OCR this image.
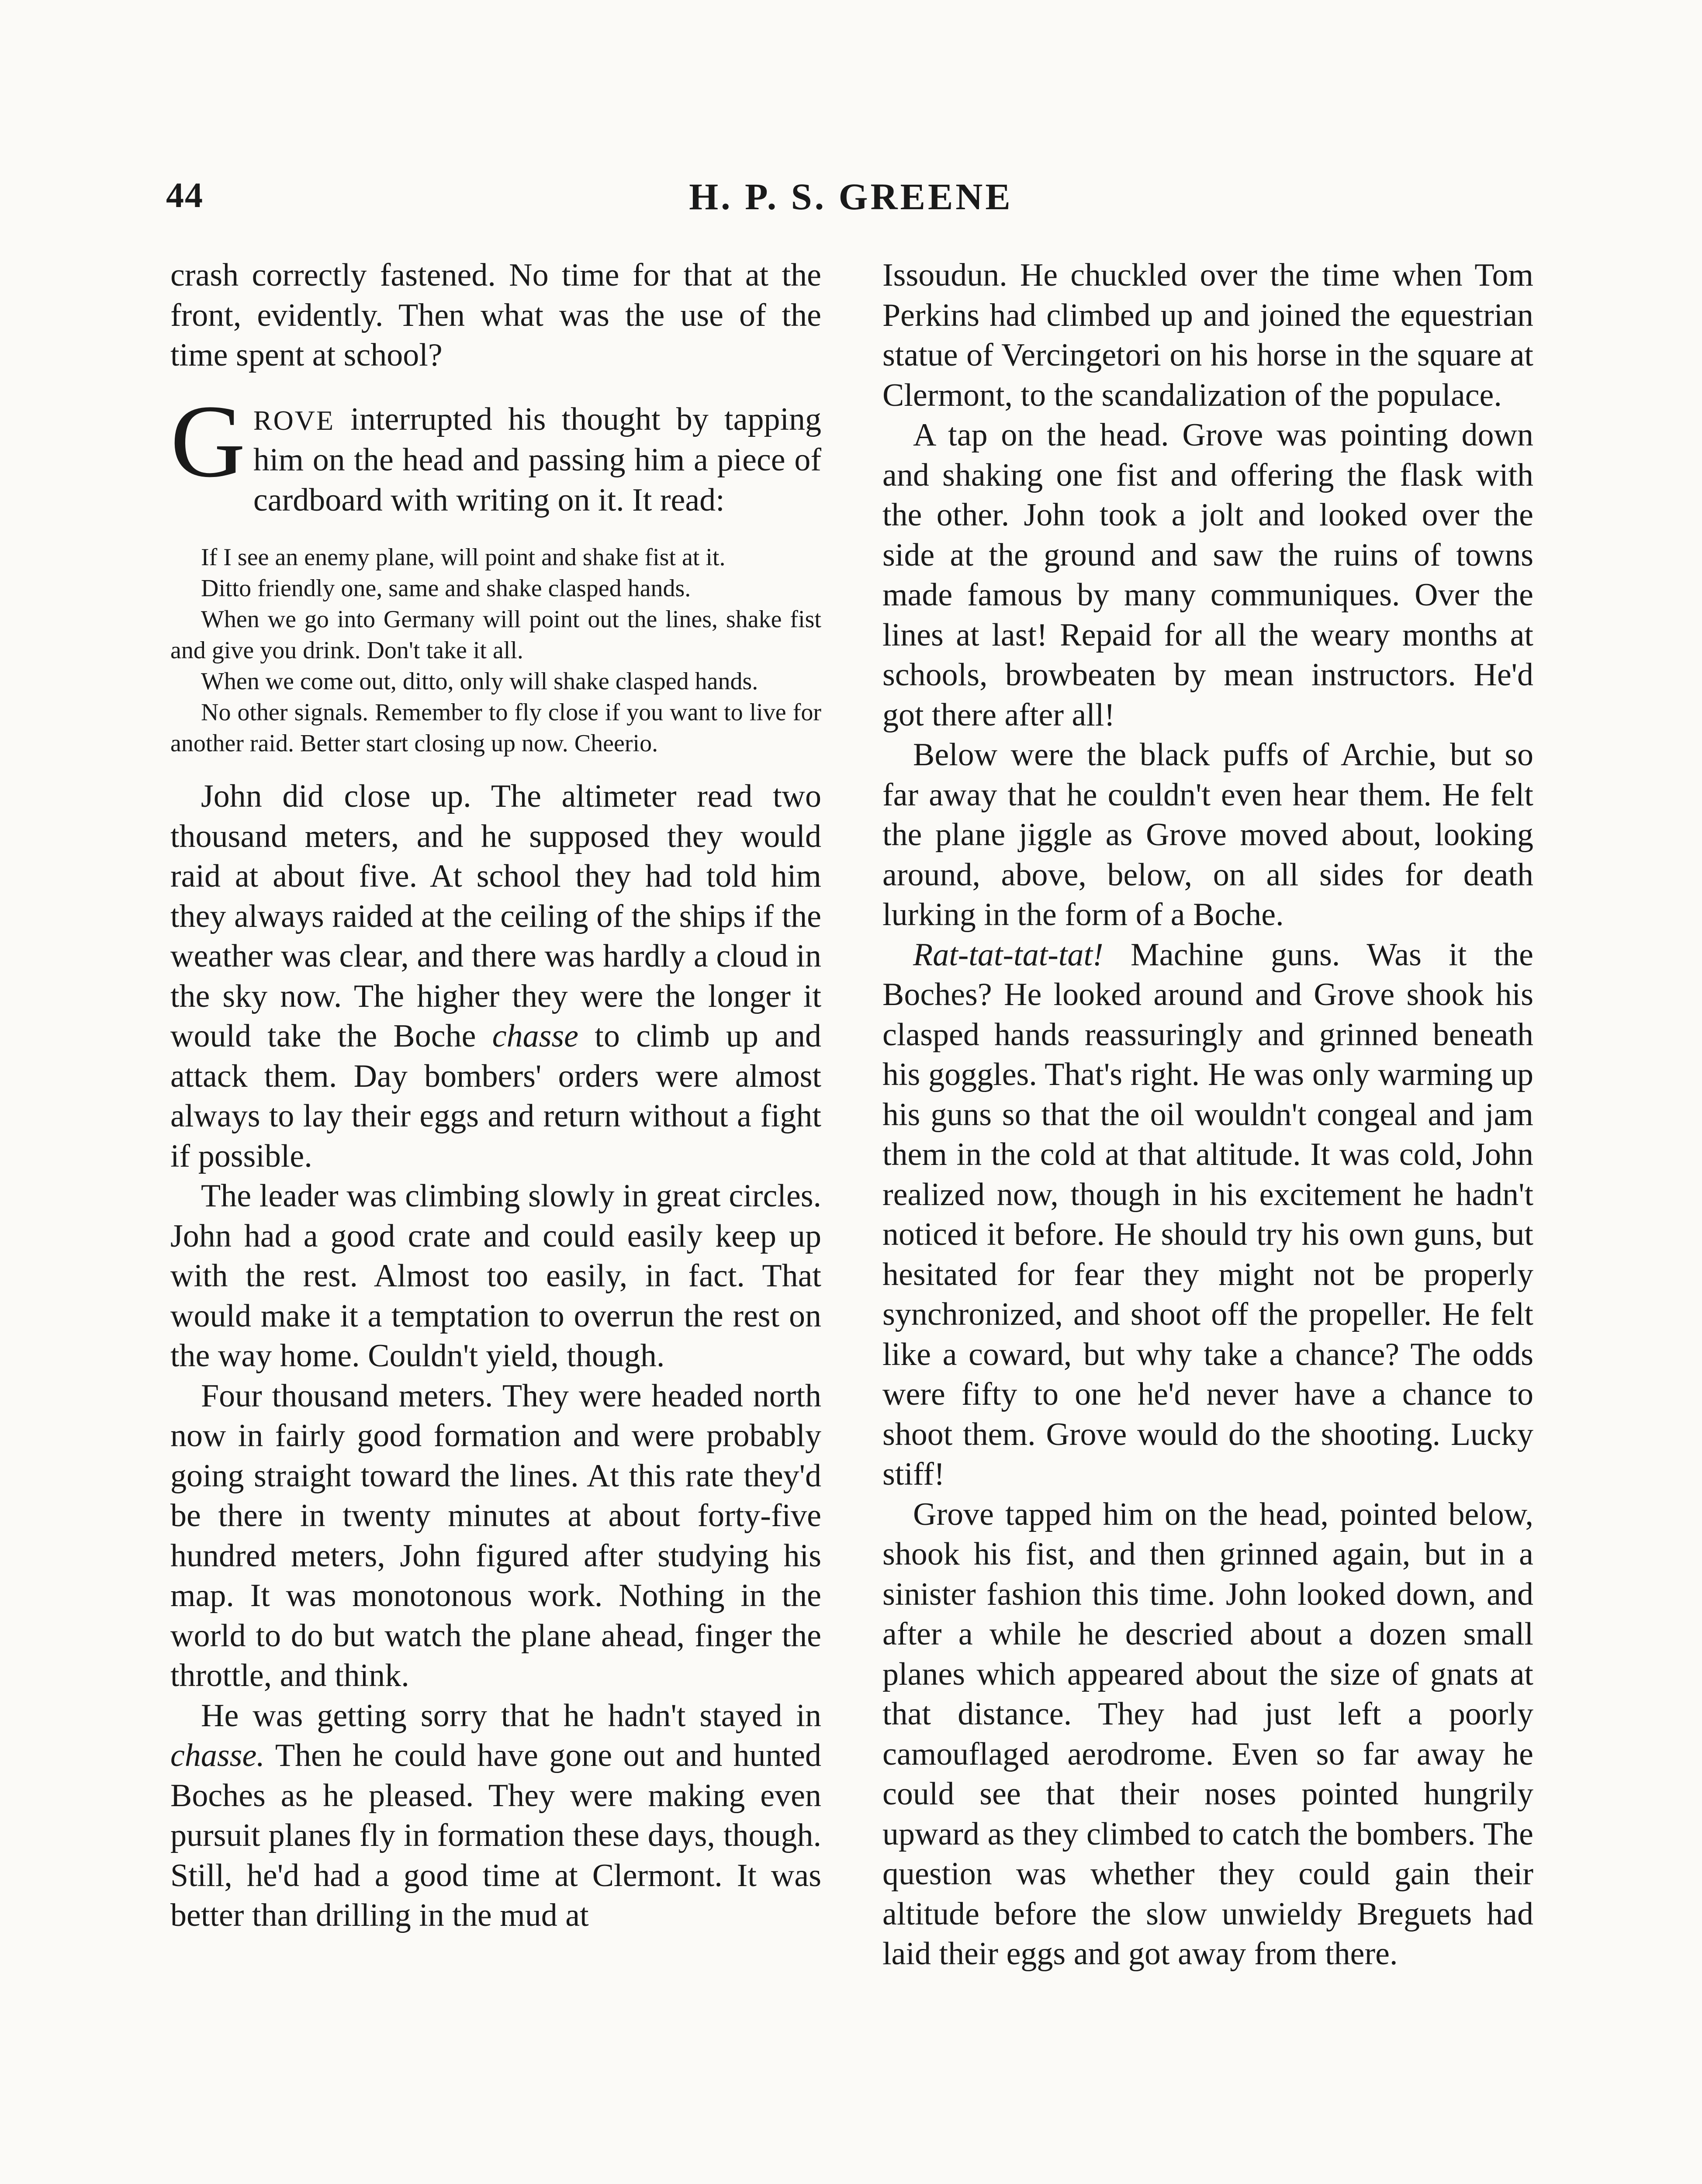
44	H. P. S. GREENE

crash correctly fastened. No time for that at the front, evidently. Then what was the use of the time spent at school?

GROVE interrupted his thought by tapping him on the head and passing him a piece of cardboard with writing on it. It read:

If I see an enemy plane, will point and shake fist at it.

Ditto friendly one, same and shake clasped hands.

When we go into Germany will point out the lines, shake fist and give you drink. Don't take it all.

When we come out, ditto, only will shake clasped hands.

No other signals. Remember to fly close if you want to live for another raid. Better start closing up now. Cheerio.

John did close up. The altimeter read two thousand meters, and he supposed they would raid at about five. At school they had told him they always raided at the ceiling of the ships if the weather was clear, and there was hardly a cloud in the sky now. The higher they were the longer it would take the Boche chasse to climb up and attack them. Day bombers' orders were almost always to lay their eggs and return without a fight if possible.

The leader was climbing slowly in great circles. John had a good crate and could easily keep up with the rest. Almost too easily, in fact. That would make it a temptation to overrun the rest on the way home. Couldn't yield, though.

Four thousand meters. They were headed north now in fairly good formation and were probably going straight toward the lines. At this rate they'd be there in twenty minutes at about forty-five hundred meters, John figured after studying his map. It was monotonous work. Nothing in the world to do but watch the plane ahead, finger the throttle, and think.

He was getting sorry that he hadn't stayed in chasse. Then he could have gone out and hunted Boches as he pleased. They were making even pursuit planes fly in formation these days, though. Still, he'd had a good time at Clermont. It was better than drilling in the mud at

Issoudun. He chuckled over the time when Tom Perkins had climbed up and joined the equestrian statue of Vercingetori on his horse in the square at Clermont, to the scandalization of the populace.

A tap on the head. Grove was pointing down and shaking one fist and offering the flask with the other. John took a jolt and looked over the side at the ground and saw the ruins of towns made famous by many communiques. Over the lines at last! Repaid for all the weary months at schools, browbeaten by mean instructors. He'd got there after all!

Below were the black puffs of Archie, but so far away that he couldn't even hear them. He felt the plane jiggle as Grove moved about, looking around, above, below, on all sides for death lurking in the form of a Boche.

Rat-tat-tat-tat! Machine guns. Was it the Boches? He looked around and Grove shook his clasped hands reassuringly and grinned beneath his goggles. That's right. He was only warming up his guns so that the oil wouldn't congeal and jam them in the cold at that altitude. It was cold, John realized now, though in his excitement he hadn't noticed it before. He should try his own guns, but hesitated for fear they might not be properly synchronized, and shoot off the propeller. He felt like a coward, but why take a chance? The odds were fifty to one he'd never have a chance to shoot them. Grove would do the shooting. Lucky stiff!

Grove tapped him on the head, pointed below, shook his fist, and then grinned again, but in a sinister fashion this time. John looked down, and after a while he descried about a dozen small planes which appeared about the size of gnats at that distance. They had just left a poorly camouflaged aerodrome. Even so far away he could see that their noses pointed hungrily upward as they climbed to catch the bombers. The question was whether they could gain their altitude before the slow unwieldy Breguets had laid their eggs and got away from there.
